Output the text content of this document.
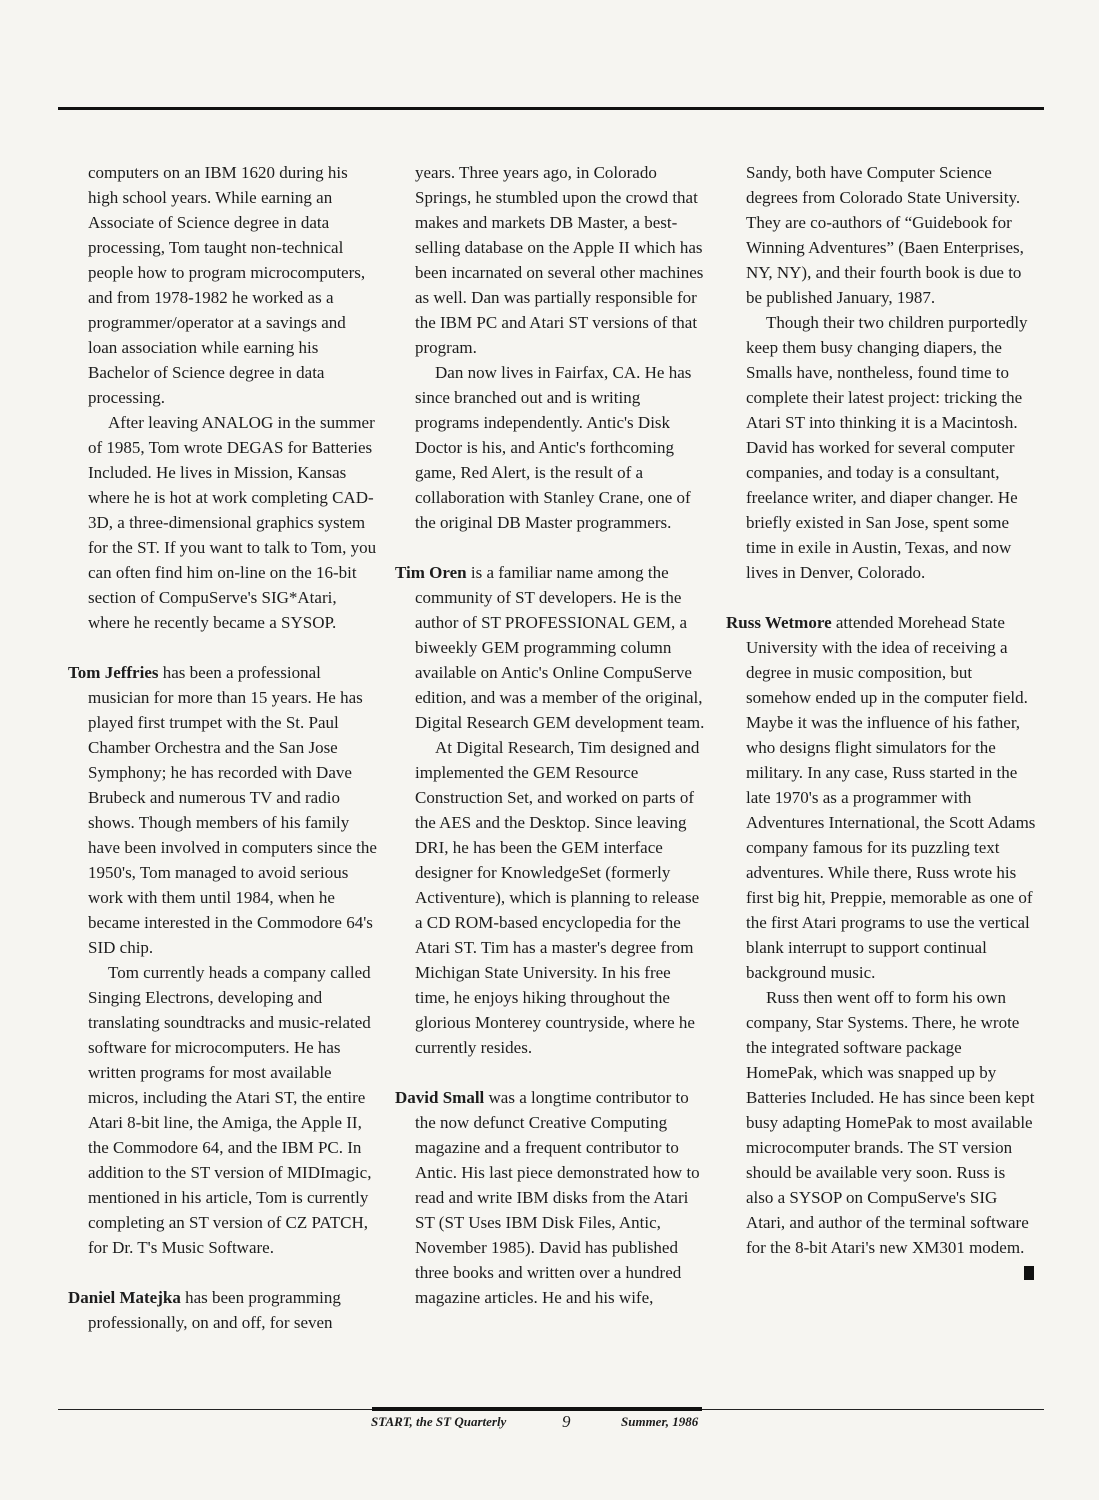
computers on an IBM 1620 during his high school years. While earning an Associate of Science degree in data processing, Tom taught non-technical people how to program microcomputers, and from 1978-1982 he worked as a programmer/operator at a savings and loan association while earning his Bachelor of Science degree in data processing.

After leaving ANALOG in the summer of 1985, Tom wrote DEGAS for Batteries Included. He lives in Mission, Kansas where he is hot at work completing CAD-3D, a three-dimensional graphics system for the ST. If you want to talk to Tom, you can often find him on-line on the 16-bit section of CompuServe's SIG*Atari, where he recently became a SYSOP.

Tom Jeffries has been a professional musician for more than 15 years. He has played first trumpet with the St. Paul Chamber Orchestra and the San Jose Symphony; he has recorded with Dave Brubeck and numerous TV and radio shows. Though members of his family have been involved in computers since the 1950's, Tom managed to avoid serious work with them until 1984, when he became interested in the Commodore 64's SID chip.

Tom currently heads a company called Singing Electrons, developing and translating soundtracks and music-related software for microcomputers. He has written programs for most available micros, including the Atari ST, the entire Atari 8-bit line, the Amiga, the Apple II, the Commodore 64, and the IBM PC. In addition to the ST version of MIDImagic, mentioned in his article, Tom is currently completing an ST version of CZ PATCH, for Dr. T's Music Software.

Daniel Matejka has been programming professionally, on and off, for seven

years. Three years ago, in Colorado Springs, he stumbled upon the crowd that makes and markets DB Master, a best-selling database on the Apple II which has been incarnated on several other machines as well. Dan was partially responsible for the IBM PC and Atari ST versions of that program.

Dan now lives in Fairfax, CA. He has since branched out and is writing programs independently. Antic's Disk Doctor is his, and Antic's forthcoming game, Red Alert, is the result of a collaboration with Stanley Crane, one of the original DB Master programmers.

Tim Oren is a familiar name among the community of ST developers. He is the author of ST PROFESSIONAL GEM, a biweekly GEM programming column available on Antic's Online CompuServe edition, and was a member of the original, Digital Research GEM development team.

At Digital Research, Tim designed and implemented the GEM Resource Construction Set, and worked on parts of the AES and the Desktop. Since leaving DRI, he has been the GEM interface designer for KnowledgeSet (formerly Activenture), which is planning to release a CD ROM-based encyclopedia for the Atari ST. Tim has a master's degree from Michigan State University. In his free time, he enjoys hiking throughout the glorious Monterey countryside, where he currently resides.

David Small was a longtime contributor to the now defunct Creative Computing magazine and a frequent contributor to Antic. His last piece demonstrated how to read and write IBM disks from the Atari ST (ST Uses IBM Disk Files, Antic, November 1985). David has published three books and written over a hundred magazine articles. He and his wife,

Sandy, both have Computer Science degrees from Colorado State University. They are co-authors of “Guidebook for Winning Adventures” (Baen Enterprises, NY, NY), and their fourth book is due to be published January, 1987.

Though their two children purportedly keep them busy changing diapers, the Smalls have, nontheless, found time to complete their latest project: tricking the Atari ST into thinking it is a Macintosh. David has worked for several computer companies, and today is a consultant, freelance writer, and diaper changer. He briefly existed in San Jose, spent some time in exile in Austin, Texas, and now lives in Denver, Colorado.

Russ Wetmore attended Morehead State University with the idea of receiving a degree in music composition, but somehow ended up in the computer field. Maybe it was the influence of his father, who designs flight simulators for the military. In any case, Russ started in the late 1970's as a programmer with Adventures International, the Scott Adams company famous for its puzzling text adventures. While there, Russ wrote his first big hit, Preppie, memorable as one of the first Atari programs to use the vertical blank interrupt to support continual background music.

Russ then went off to form his own company, Star Systems. There, he wrote the integrated software package HomePak, which was snapped up by Batteries Included. He has since been kept busy adapting HomePak to most available microcomputer brands. The ST version should be available very soon. Russ is also a SYSOP on CompuServe's SIG Atari, and author of the terminal software for the 8-bit Atari's new XM301 modem.

START, the ST Quarterly	9	Summer, 1986
